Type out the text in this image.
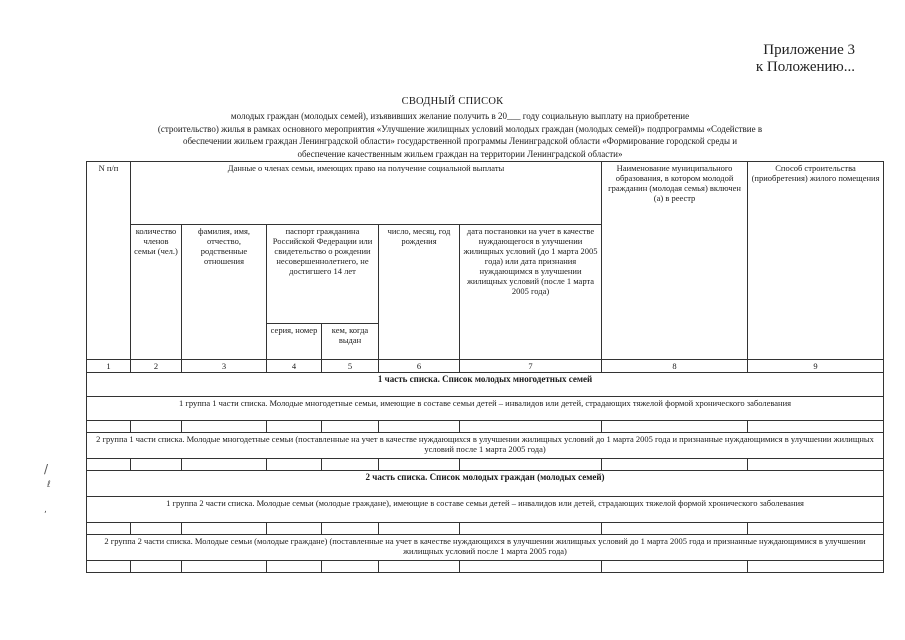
Приложение 3
к Положению...
СВОДНЫЙ СПИСОК
молодых граждан (молодых семей), изъявивших желание получить в 20___ году социальную выплату на приобретение
(строительство) жилья в рамках основного мероприятия «Улучшение жилищных условий молодых граждан (молодых семей)» подпрограммы «Содействие в
обеспечении жильем граждан Ленинградской области» государственной программы Ленинградской области «Формирование городской среды и
обеспечение качественным жильем граждан на территории Ленинградской области»
/
ℓ
,
N п/п	Данные о членах семьи, имеющих право на получение социальной выплаты						Наименование муниципального образования, в котором молодой гражданин (молодая семья) включен (а) в реестр	Способ строительства (приобретения) жилого помещения
	количество членов семьи (чел.)	фамилия, имя, отчество, родственные отношения	паспорт гражданина Российской Федерации или свидетельство о рождении несовершеннолетнего, не достигшего 14 лет		число, месяц, год рождения	дата постановки на учет в качестве нуждающегося в улучшении жилищных условий (до 1 марта 2005 года) или дата признания нуждающимся в улучшении жилищных условий (после 1 марта 2005 года)		
			серия, номер	кем, когда выдан				
1	2	3	4	5	6	7	8	9
1 часть списка. Список молодых многодетных семей								
1 группа 1 части списка. Молодые многодетные семьи, имеющие в составе семьи детей – инвалидов или детей, страдающих тяжелой формой хронического заболевания								

2 группа 1 части списка. Молодые многодетные семьи (поставленные на учет в качестве нуждающихся в улучшении жилищных условий до 1 марта 2005 года и признанные нуждающимися в улучшении жилищных условий после 1 марта 2005 года)								

2 часть списка. Список молодых граждан (молодых семей)								
1 группа 2 части списка. Молодые семьи (молодые граждане), имеющие в составе семьи детей – инвалидов или детей, страдающих тяжелой формой хронического заболевания								

2 группа 2 части списка. Молодые семьи (молодые граждане) (поставленные на учет в качестве нуждающихся в улучшении жилищных условий до 1 марта 2005 года и признанные нуждающимися в улучшении жилищных условий после 1 марта 2005 года)								
